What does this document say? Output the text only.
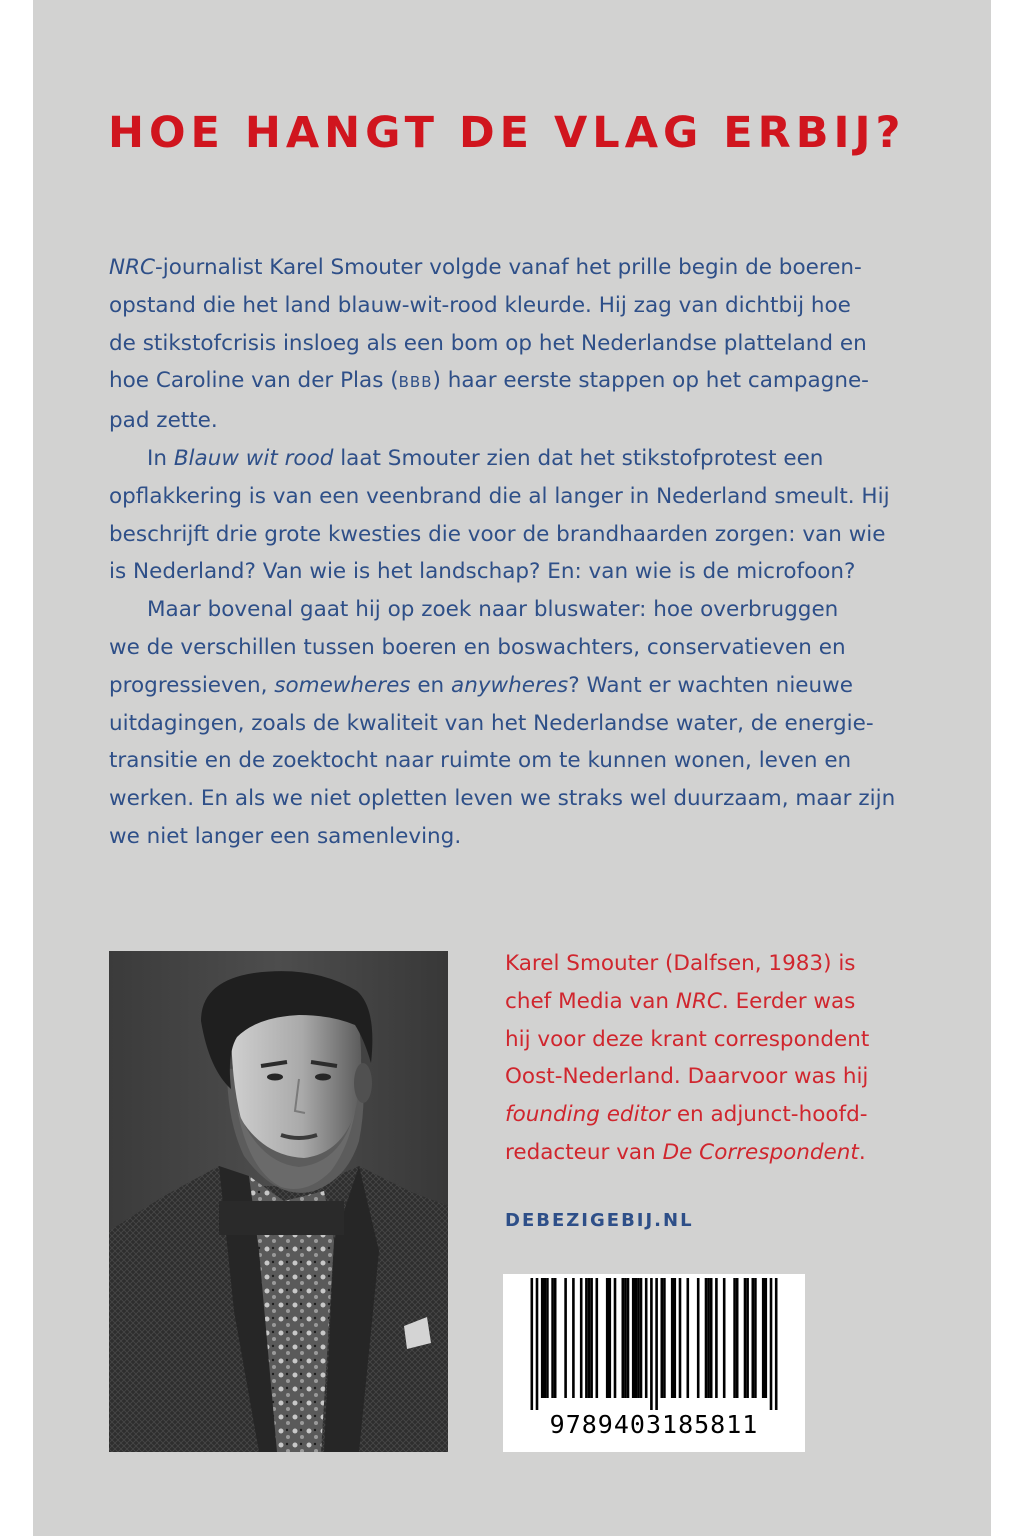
HOE HANGT DE VLAG ERBIJ?

NRC-journalist Karel Smouter volgde vanaf het prille begin de boeren-

opstand die het land blauw-wit-rood kleurde. Hij zag van dichtbij hoe

de stikstofcrisis insloeg als een bom op het Nederlandse platteland en

hoe Caroline van der Plas (BBB) haar eerste stappen op het campagne-

pad zette.

In Blauw wit rood laat Smouter zien dat het stikstofprotest een

opflakkering is van een veenbrand die al langer in Nederland smeult. Hij

beschrijft drie grote kwesties die voor de brandhaarden zorgen: van wie

is Nederland? Van wie is het landschap? En: van wie is de microfoon?

Maar bovenal gaat hij op zoek naar bluswater: hoe overbruggen

we de verschillen tussen boeren en boswachters, conservatieven en

progressieven, somewheres en anywheres? Want er wachten nieuwe

uitdagingen, zoals de kwaliteit van het Nederlandse water, de energie-

transitie en de zoektocht naar ruimte om te kunnen wonen, leven en

werken. En als we niet opletten leven we straks wel duurzaam, maar zijn

we niet langer een samenleving.

Karel Smouter (Dalfsen, 1983) is

chef Media van NRC. Eerder was

hij voor deze krant correspondent

Oost-Nederland. Daarvoor was hij

founding editor en adjunct-hoofd-

redacteur van De Correspondent.

DEBEZIGEBIJ.NL

9789403185811
